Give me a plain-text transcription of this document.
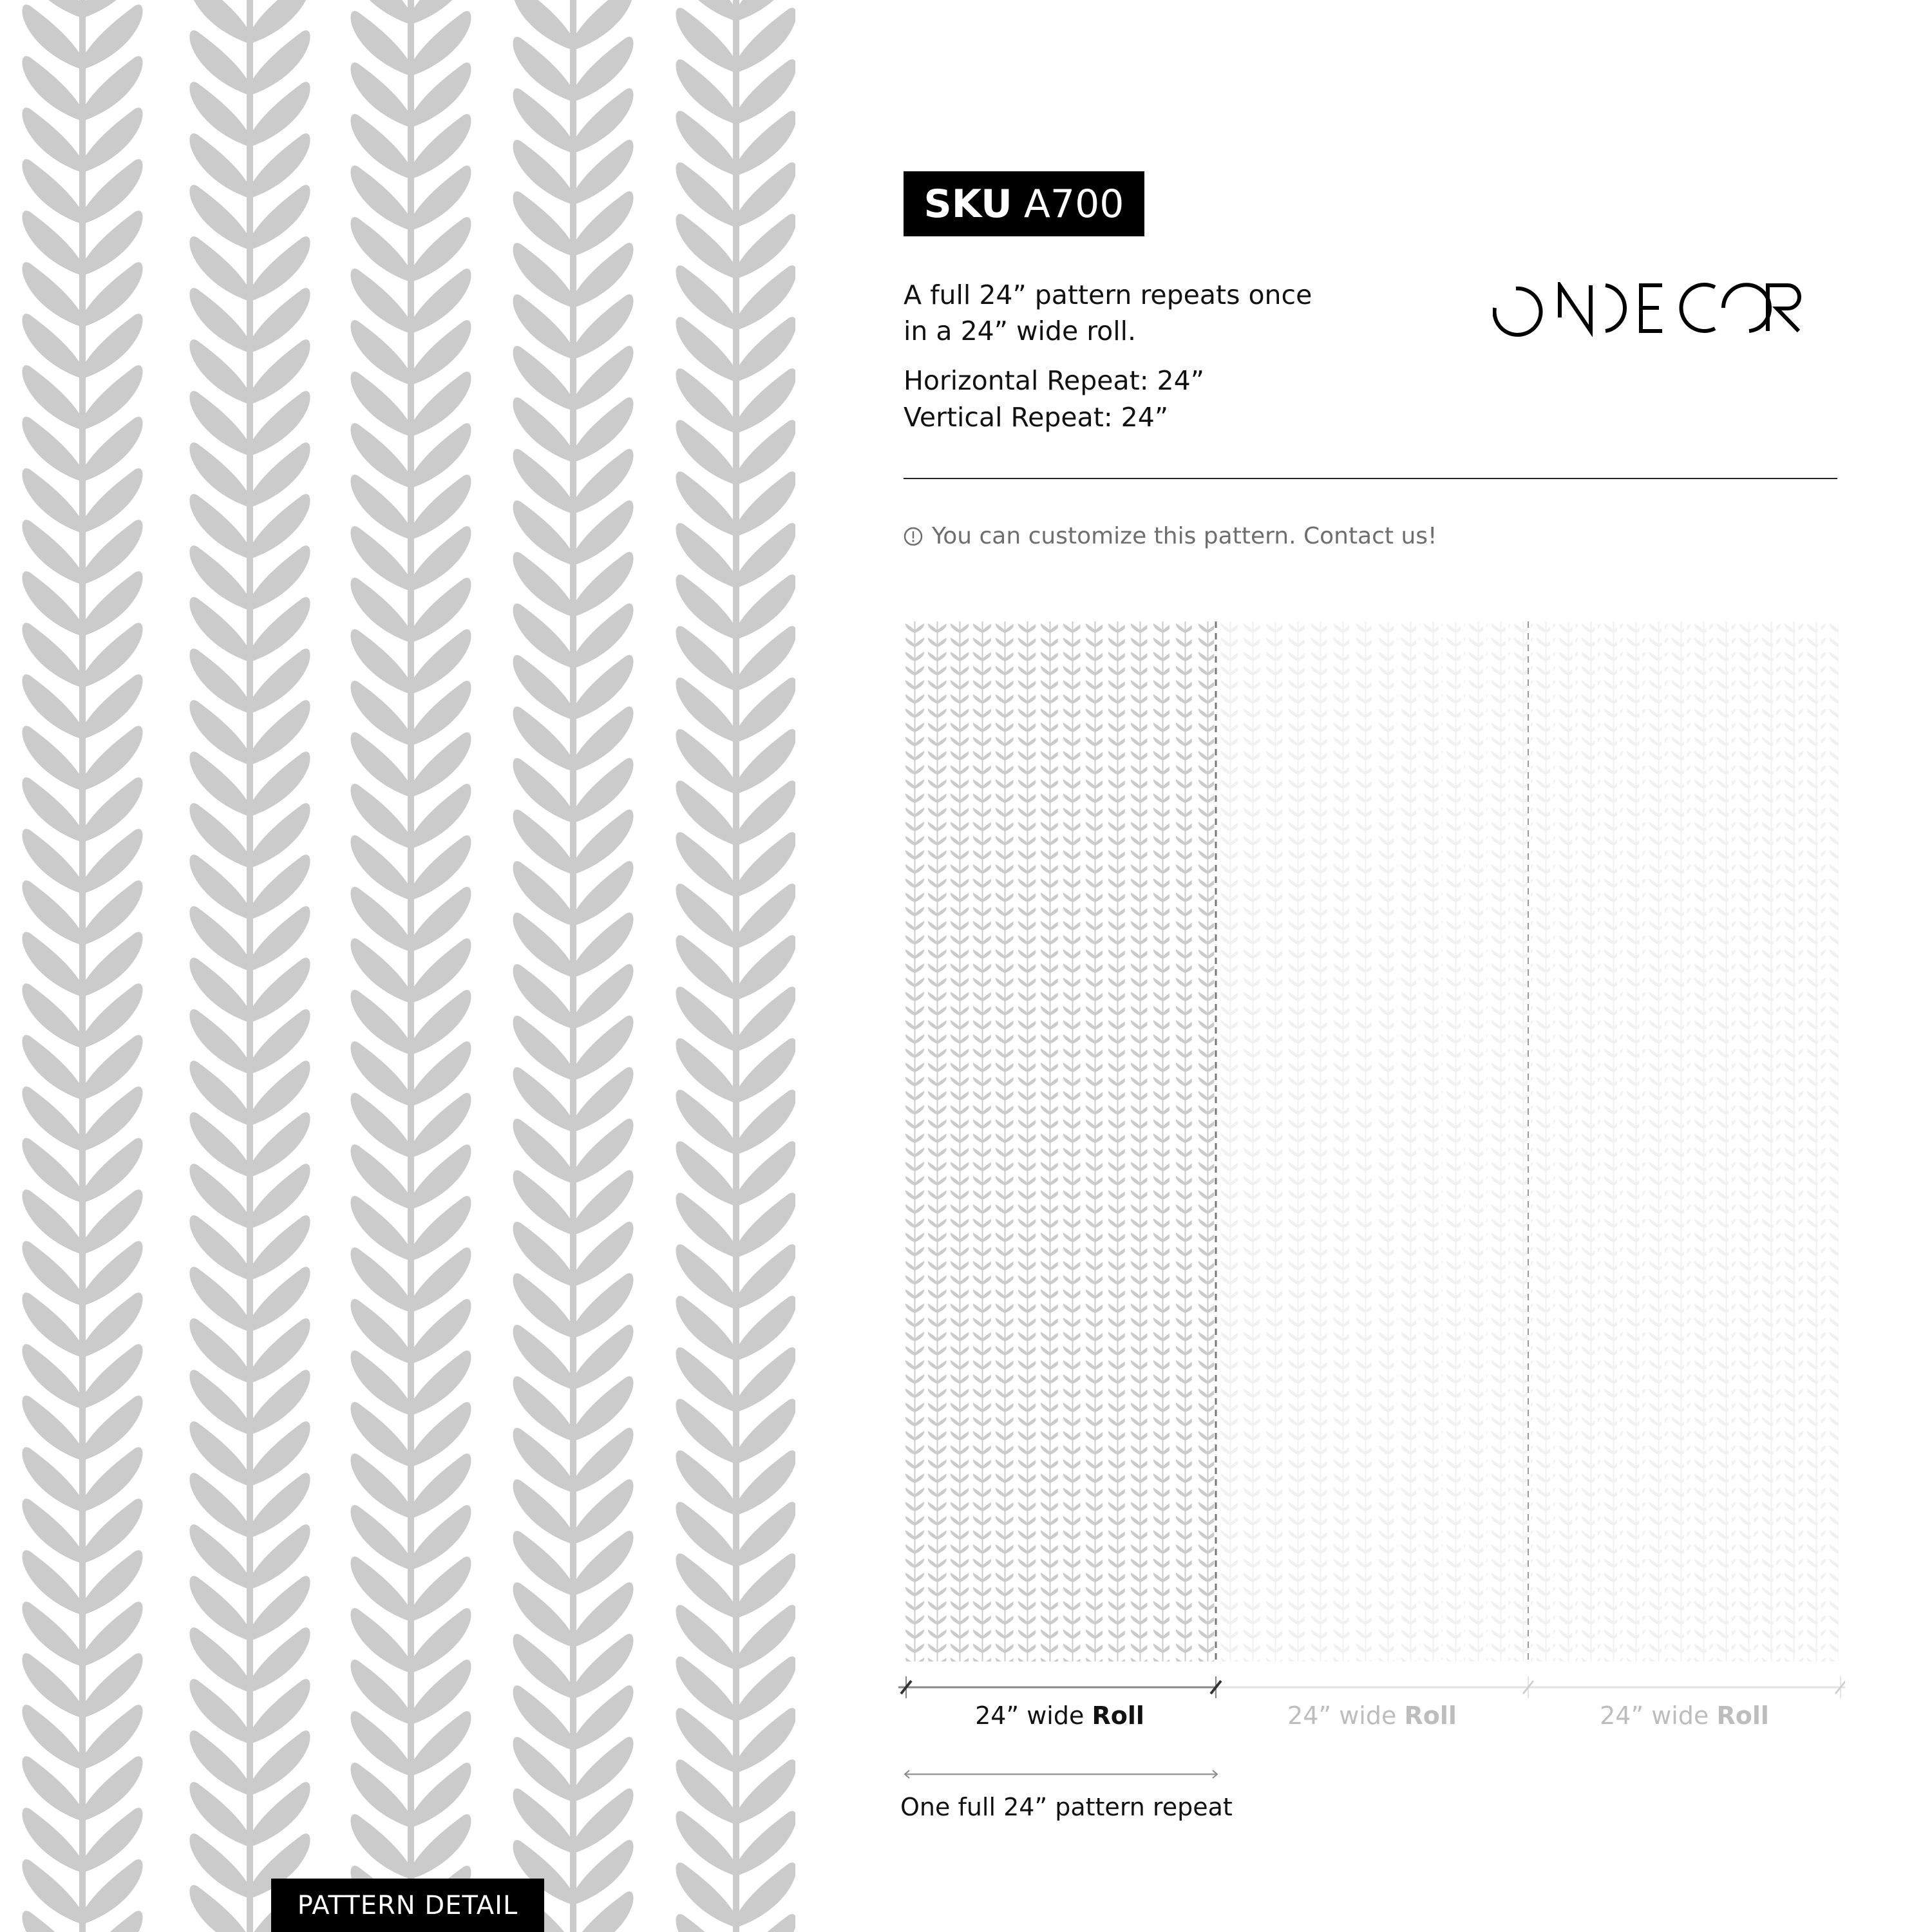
PATTERN DETAIL
SKU A700

A full 24” pattern repeats once

in a 24” wide roll.

Horizontal Repeat: 24”
Vertical Repeat: 24”
You can customize this pattern. Contact us!
24” wide Roll	24” wide Roll	24” wide Roll
One full 24” pattern repeat
